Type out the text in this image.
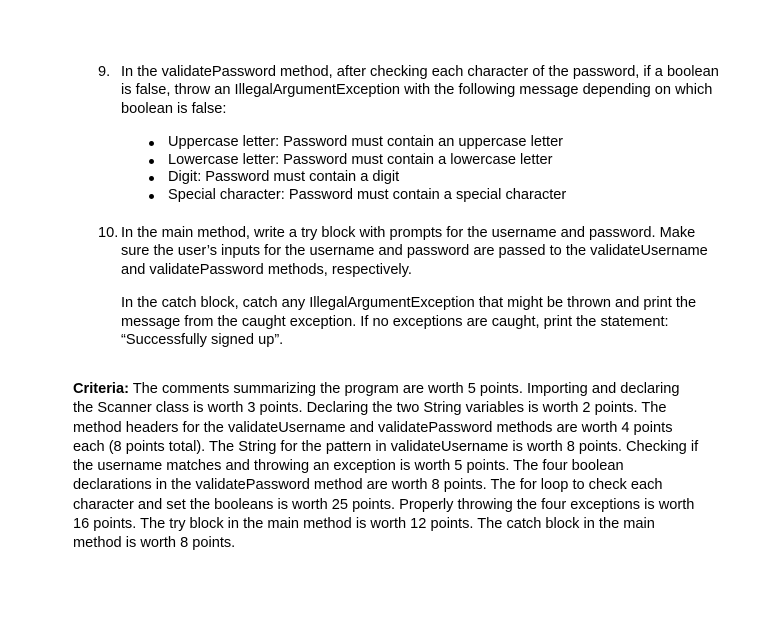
9. In the validatePassword method, after checking each character of the password, if a boolean is false, throw an IllegalArgumentException with the following message depending on which boolean is false:

Uppercase letter: Password must contain an uppercase letter
Lowercase letter: Password must contain a lowercase letter
Digit: Password must contain a digit
Special character: Password must contain a special character
10. In the main method, write a try block with prompts for the username and password. Make sure the user’s inputs for the username and password are passed to the validateUsername and validatePassword methods, respectively.

In the catch block, catch any IllegalArgumentException that might be thrown and print the message from the caught exception. If no exceptions are caught, print the statement: “Successfully signed up”.

Criteria: The comments summarizing the program are worth 5 points. Importing and declaring the Scanner class is worth 3 points. Declaring the two String variables is worth 2 points. The method headers for the validateUsername and validatePassword methods are worth 4 points each (8 points total). The String for the pattern in validateUsername is worth 8 points. Checking if the username matches and throwing an exception is worth 5 points. The four boolean declarations in the validatePassword method are worth 8 points. The for loop to check each character and set the booleans is worth 25 points. Properly throwing the four exceptions is worth 16 points. The try block in the main method is worth 12 points. The catch block in the main method is worth 8 points.
